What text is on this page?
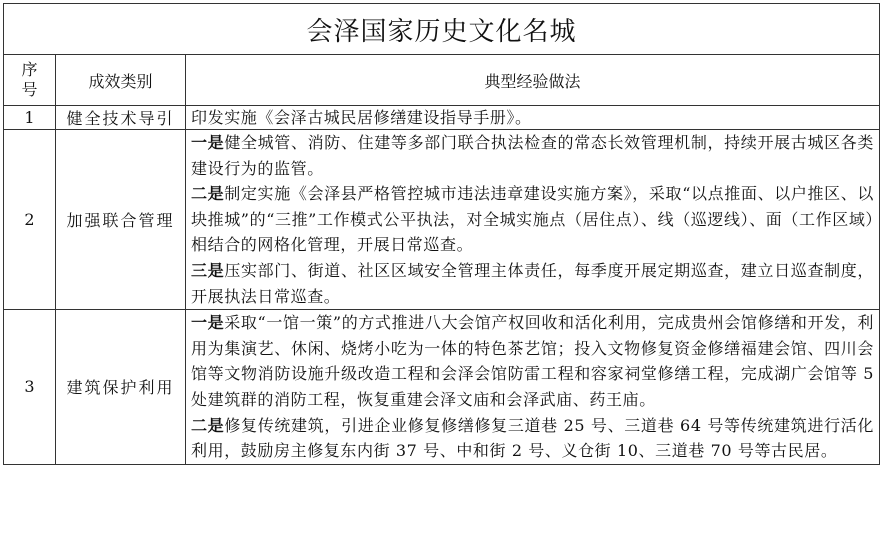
会泽国家历史文化名城		

序
号	成效类别	典型经验做法
1	健全技术导引	印发实施《会泽古城民居修缮建设指导手册》。

2	加强联合管理	一是健全城管、消防、住建等多部门联合执法检查的常态长效管理机制，持续开展古城区各类建设行为的监管。
二是制定实施《会泽县严格管控城市违法违章建设实施方案》，采取“以点推面、以户推区、以块推城”的“三推”工作模式公平执法，对全城实施点（居住点）、线（巡逻线）、面（工作区域）相结合的网格化管理，开展日常巡查。
三是压实部门、街道、社区区域安全管理主体责任，每季度开展定期巡查，建立日巡查制度，开展执法日常巡查。

3	建筑保护利用	一是采取“一馆一策”的方式推进八大会馆产权回收和活化利用，完成贵州会馆修缮和开发，利用为集演艺、休闲、烧烤小吃为一体的特色茶艺馆；投入文物修复资金修缮福建会馆、四川会馆等文物消防设施升级改造工程和会泽会馆防雷工程和容家祠堂修缮工程，完成湖广会馆等 5 处建筑群的消防工程，恢复重建会泽文庙和会泽武庙、药王庙。
二是修复传统建筑，引进企业修复修缮修复三道巷 25 号、三道巷 64 号等传统建筑进行活化利用，鼓励房主修复东内街 37 号、中和街 2 号、义仓街 10、三道巷 70 号等古民居。
